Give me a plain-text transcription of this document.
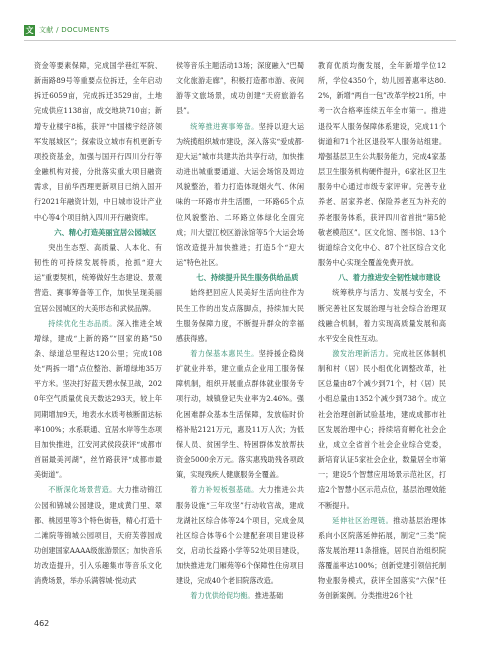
文 文献 / DOCUMENTS

资金等要素保障，完成国学巷红军院、新南路89号等重要点位拆迁，全年启动拆迁6059亩，完成拆迁3529亩，土地完成供应1138亩，成交地块710亩；新增专业楼宇8栋，获评“中国楼宇经济领军发展城区”；探索设立城市有机更新专项投资基金，加强与国开行四川分行等金融机构对接，分批落实重大项目融资需求，目前华西理更新项目已纳入国开行2021年融资计划，中日城市设计产业中心等4个项目纳入四川开行融资库。

六、精心打造美丽宜居公园城区

突出生态型、高质量、人本化、有韧性的可持续发展特质，抢抓“迎大运”重要契机，统筹做好生态建设、景观营造、赛事筹备等工作，加快呈现美丽宜居公园城区的大美形态和武侯品牌。

持续优化生态品质。深入推进全域增绿，建成“上新的路”“回家的路”50条、绿道总里程达120公里；完成108处“两拆一增”点位整治、新增绿地35万平方米。坚决打好蓝天碧水保卫战，2020年空气质量优良天数达293天，较上年同期增加9天，地表水水质考核断面达标率100%；水系联通、宜居水岸等生态项目加快推进，江安河武侯段获评“成都市首届最美河湖”，丝竹路获评“成都市最美街道”。

不断深化场景营造。大力推动锦江公园和锦城公园建设，建成黄门里、翠都、桃园里等3个特色街巷，精心打造十二滩院等锦城公园项目，天府芙蓉园成功创建国家AAAA级旅游景区；加快音乐坊改造提升，引入乐趣集市等音乐文化消费场景，举办乐满蓉城·悦动武

侯等音乐主题活动13场；深度融入“巴蜀文化旅游走廊”，积极打造都市游、夜间游等文旅场景，成功创建“天府旅游名县”。

统筹推进赛事筹备。坚持以迎大运为统揽组织城市建设，深入落实“爱成都·迎大运”城市共建共治共享行动，加快推动进出城重要通道、大运会场馆及周边风貌整治，着力打造体现烟火气、休闲味的一环路市井生活圈，一环路65个点位风貌整治、二环路立体绿化全面完成；川大望江校区游泳馆等5个大运会场馆改造提升加快推进；打造5个“迎大运”特色社区。

七、持续提升民生服务供给品质

始终把回应人民美好生活向往作为民生工作的出发点落脚点，持续加大民生服务保障力度，不断提升群众的幸福感获得感。

着力保基本惠民生。坚持援企稳岗扩就业并举，建立重点企业用工服务保障机制，组织开展重点群体就业服务专项行动，城镇登记失业率为2.46%。强化困难群众基本生活保障，发放临时价格补贴2121万元，惠及11万人次；为低保人员、贫困学生、特困群体发放帮扶资金5000余万元。落实惠残助残各项政策，实现残疾人健康服务全覆盖。

着力补短板强基础。大力推进公共服务设施“三年攻坚”行动收官战，建成龙湖社区综合体等24个项目，完成金凤社区综合体等6个公建配套项目建设移交，启动长益路小学等52处项目建设，加快推进龙门厢苑等6个保障性住房项目建设，完成40个老旧院落改造。

着力优供给促均衡。推进基础

教育优质均衡发展，全年新增学位12所，学位4350个，幼儿园普惠率达80.2%，新增“两自一包”改革学校21所，中考一次合格率连续五年全市第一。推进退役军人服务保障体系建设，完成11个街道和71个社区退役军人服务站组建。增强基层卫生公共服务能力，完成4家基层卫生服务机构硬件提升，6家社区卫生服务中心通过市级专家评审。完善专业养老、居家养老、保险养老互为补充的养老服务体系，获评四川省首批“第5轮敬老模范区”。区文化馆、图书馆、13个街道综合文化中心、87个社区综合文化服务中心实现全覆盖免费开放。

八、着力推进安全韧性城市建设

统筹秩序与活力、发展与安全，不断完善社区发展治理与社会综合治理双线融合机制，着力实现高质量发展和高水平安全良性互动。

激发治理新活力。完成社区体制机制和村（居）民小组优化调整改革，社区总量由87个减少到71个，村（居）民小组总量由1352个减少到738个。成立社会治理创新试验基地，建成成都市社区发展治理中心；持续培育孵化社会企业，成立全省首个社会企业综合党委，新培育认证5家社会企业，数量居全市第一；建设5个智慧应用场景示范社区，打造2个智慧小区示范点位，基层治理效能不断提升。

延伸社区治理链。推动基层治理体系向小区院落延伸拓展，制定“三类”院落发展治理11条措施，居民自治组织院落覆盖率达100%；创新党建引领信托制物业服务模式，获评全国落实“六保”任务创新案例。分类推进26个社

462
